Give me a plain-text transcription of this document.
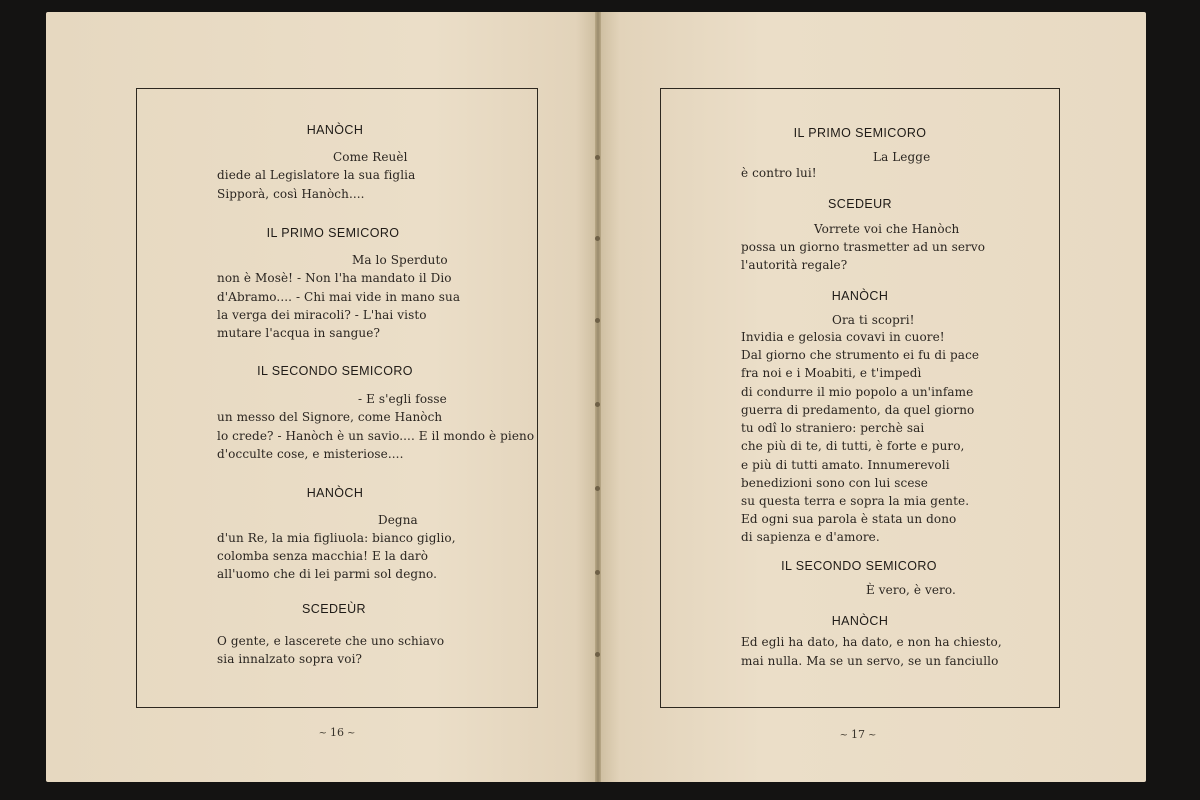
HANÒCH
Come Reuèl
diede al Legislatore la sua figlia
Sipporà, così Hanòch....
IL PRIMO SEMICORO
Ma lo Sperduto
non è Mosè! - Non l'ha mandato il Dio
d'Abramo.... - Chi mai vide in mano sua
la verga dei miracoli? - L'hai visto
mutare l'acqua in sangue?
IL SECONDO SEMICORO
- E s'egli fosse
un messo del Signore, come Hanòch
lo crede? - Hanòch è un savio.... E il mondo è pieno
d'occulte cose, e misteriose....
HANÒCH
Degna
d'un Re, la mia figliuola: bianco giglio,
colomba senza macchia! E la darò
all'uomo che di lei parmi sol degno.
SCEDEÙR
O gente, e lascerete che uno schiavo
sia innalzato sopra voi?
IL PRIMO SEMICORO
La Legge
è contro lui!
SCEDEUR
Vorrete voi che Hanòch
possa un giorno trasmetter ad un servo
l'autorità regale?
HANÒCH
Ora ti scopri!
Invidia e gelosia covavi in cuore!
Dal giorno che strumento ei fu di pace
fra noi e i Moabiti, e t'impedì
di condurre il mio popolo a un'infame
guerra di predamento, da quel giorno
tu odî lo straniero: perchè sai
che più di te, di tutti, è forte e puro,
e più di tutti amato. Innumerevoli
benedizioni sono con lui scese
su questa terra e sopra la mia gente.
Ed ogni sua parola è stata un dono
di sapienza e d'amore.
IL SECONDO SEMICORO
È vero, è vero.
HANÒCH
Ed egli ha dato, ha dato, e non ha chiesto,
mai nulla. Ma se un servo, se un fanciullo
~ 16 ~	~ 17 ~
